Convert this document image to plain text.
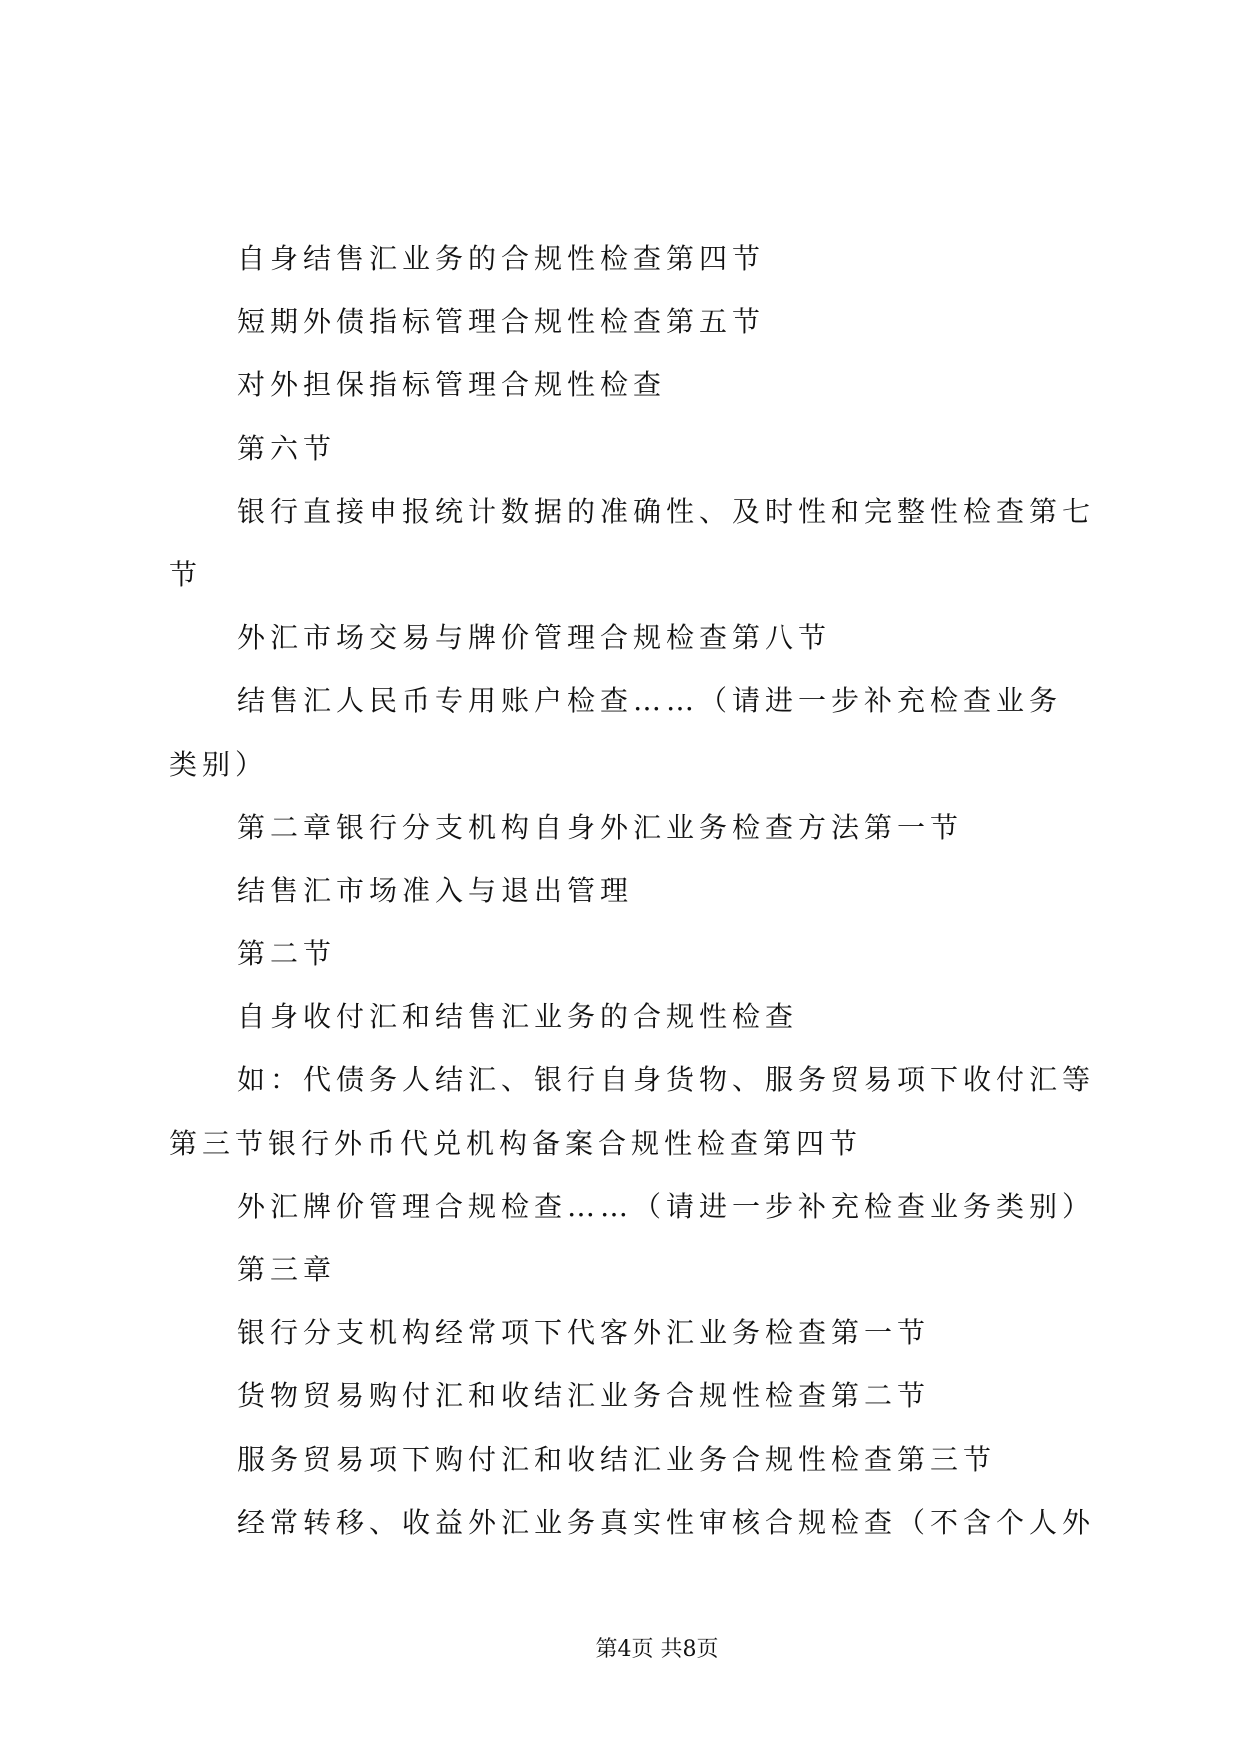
自身结售汇业务的合规性检查第四节
短期外债指标管理合规性检查第五节
对外担保指标管理合规性检查
第六节
银行直接申报统计数据的准确性、及时性和完整性检查第七
节
外汇市场交易与牌价管理合规检查第八节
结售汇人民币专用账户检查……（请进一步补充检查业务
类别）
第二章银行分支机构自身外汇业务检查方法第一节
结售汇市场准入与退出管理
第二节
自身收付汇和结售汇业务的合规性检查
如：代债务人结汇、银行自身货物、服务贸易项下收付汇等
第三节银行外币代兑机构备案合规性检查第四节
外汇牌价管理合规检查……（请进一步补充检查业务类别）
第三章
银行分支机构经常项下代客外汇业务检查第一节
货物贸易购付汇和收结汇业务合规性检查第二节
服务贸易项下购付汇和收结汇业务合规性检查第三节
经常转移、收益外汇业务真实性审核合规检查（不含个人外
第4页 共8页
